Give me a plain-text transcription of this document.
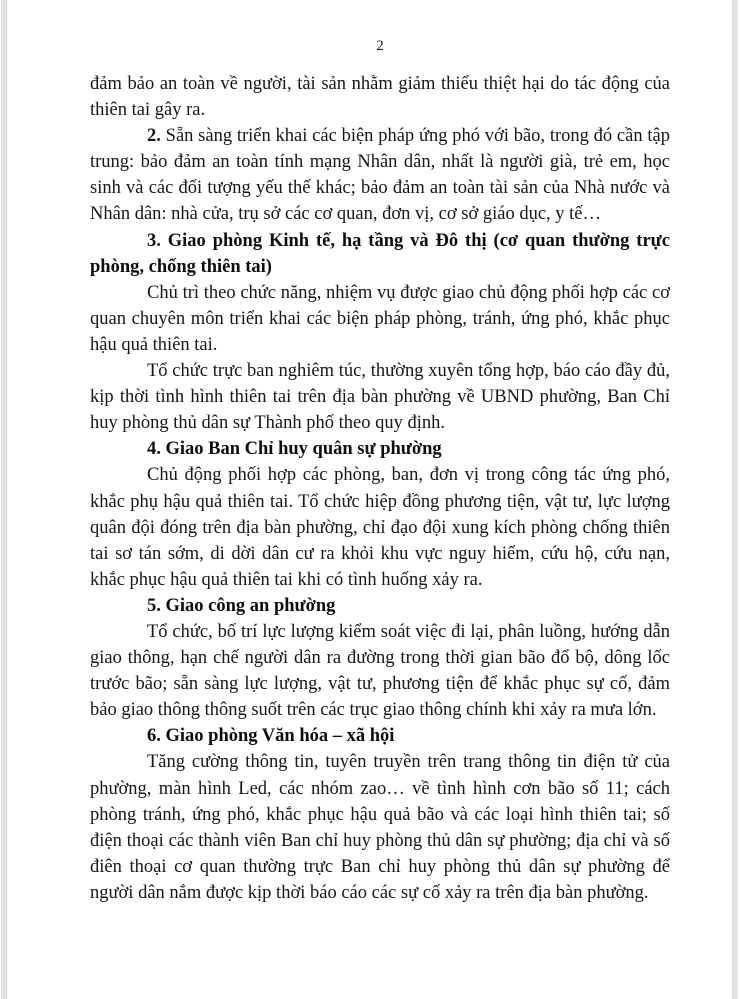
2

đảm bảo an toàn về người, tài sản nhằm giảm thiểu thiệt hại do tác động của thiên tai gây ra.

2. Sẵn sàng triển khai các biện pháp ứng phó với bão, trong đó cần tập trung: bảo đảm an toàn tính mạng Nhân dân, nhất là người già, trẻ em, học sinh và các đối tượng yếu thế khác; bảo đảm an toàn tài sản của Nhà nước và Nhân dân: nhà cửa, trụ sở các cơ quan, đơn vị, cơ sở giáo dục, y tế…

3. Giao phòng Kinh tế, hạ tầng và Đô thị (cơ quan thường trực phòng, chống thiên tai)

Chủ trì theo chức năng, nhiệm vụ được giao chủ động phối hợp các cơ quan chuyên môn triển khai các biện pháp phòng, tránh, ứng phó, khắc phục hậu quả thiên tai.

Tổ chức trực ban nghiêm túc, thường xuyên tổng hợp, báo cáo đầy đủ, kịp thời tình hình thiên tai trên địa bàn phường về UBND phường, Ban Chỉ huy phòng thủ dân sự Thành phố theo quy định.

4. Giao Ban Chỉ huy quân sự phường

Chủ động phối hợp các phòng, ban, đơn vị trong công tác ứng phó, khắc phụ hậu quả thiên tai. Tổ chức hiệp đồng phương tiện, vật tư, lực lượng quân đội đóng trên địa bàn phường, chỉ đạo đội xung kích phòng chống thiên tai sơ tán sớm, di dời dân cư ra khỏi khu vực nguy hiểm, cứu hộ, cứu nạn, khắc phục hậu quả thiên tai khi có tình huống xảy ra.

5. Giao công an phường

Tổ chức, bố trí lực lượng kiểm soát việc đi lại, phân luồng, hướng dẫn giao thông, hạn chế người dân ra đường trong thời gian bão đổ bộ, dông lốc trước bão; sẵn sàng lực lượng, vật tư, phương tiện để khắc phục sự cố, đảm bảo giao thông thông suốt trên các trục giao thông chính khi xảy ra mưa lớn.

6. Giao phòng Văn hóa – xã hội

Tăng cường thông tin, tuyên truyền trên trang thông tin điện tử của phường, màn hình Led, các nhóm zao… về tình hình cơn bão số 11; cách phòng tránh, ứng phó, khắc phục hậu quả bão và các loại hình thiên tai; số điện thoại các thành viên Ban chỉ huy phòng thủ dân sự phường; địa chỉ và số điên thoại cơ quan thường trực Ban chỉ huy phòng thủ dân sự phường để người dân nắm được kịp thời báo cáo các sự cố xảy ra trên địa bàn phường.
